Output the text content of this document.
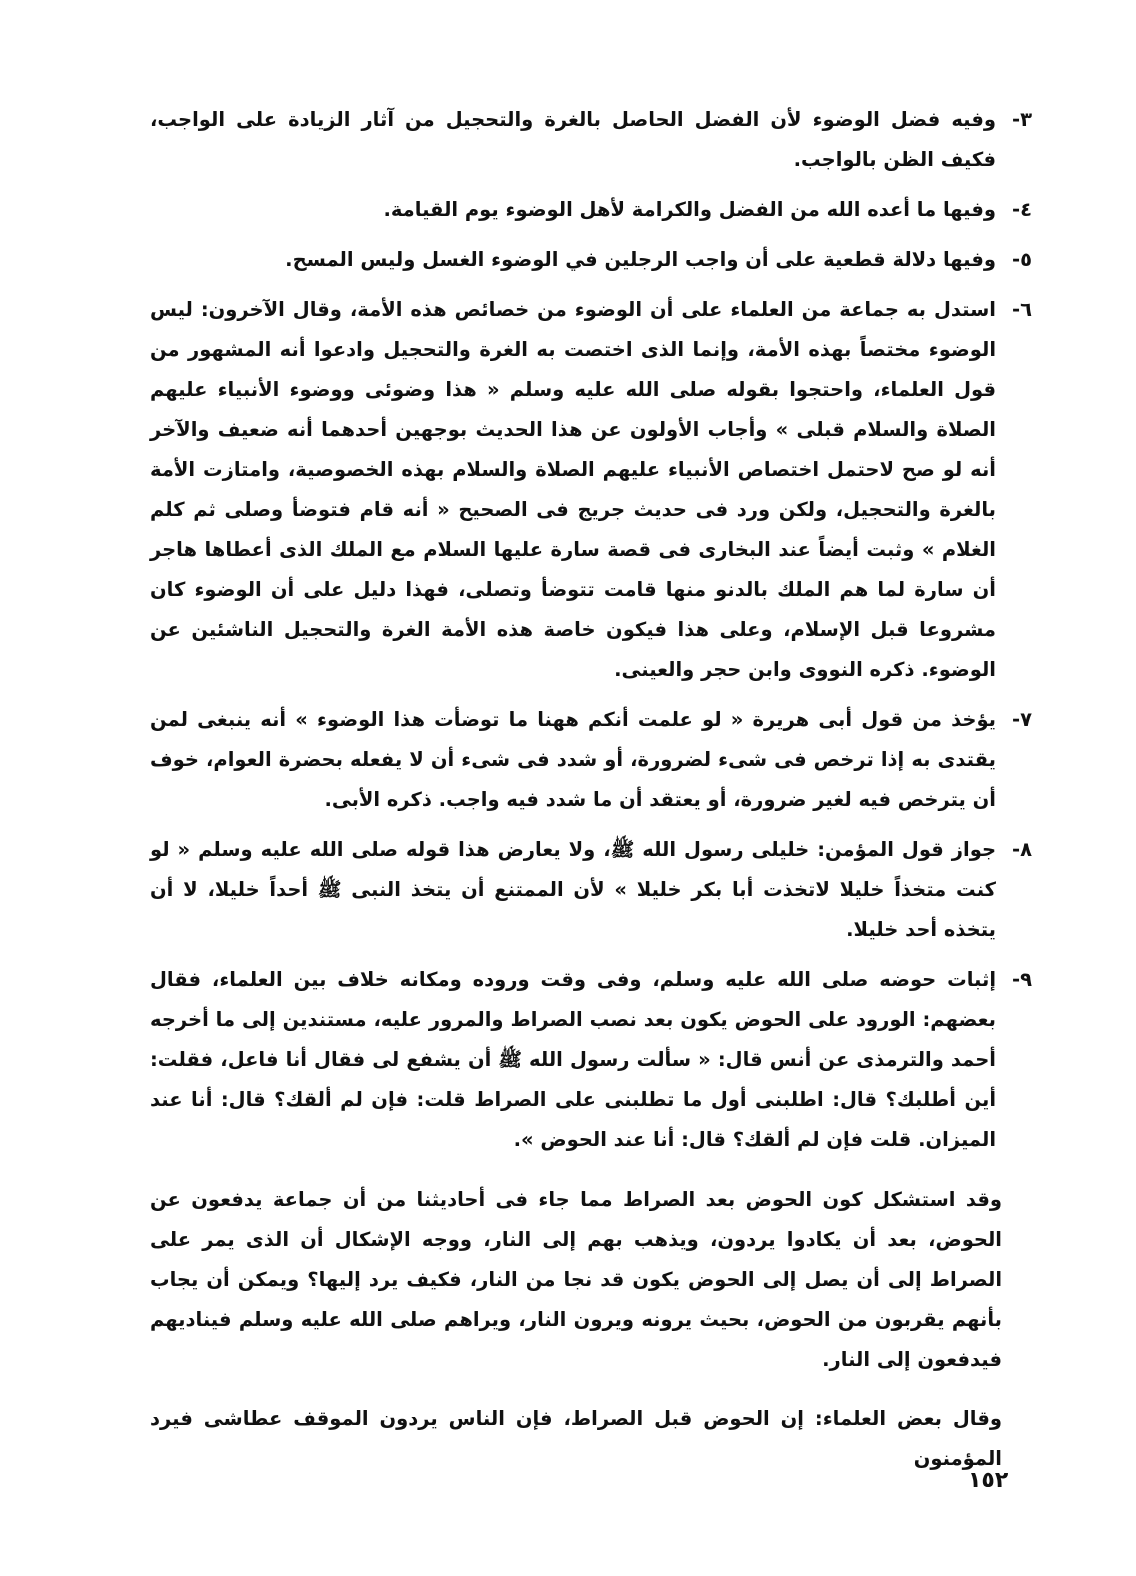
٣-
وفيه فضل الوضوء لأن الفضل الحاصل بالغرة والتحجيل من آثار الزيادة على الواجب، فكيف الظن بالواجب.
٤-
وفيها ما أعده الله من الفضل والكرامة لأهل الوضوء يوم القيامة.
٥-
وفيها دلالة قطعية على أن واجب الرجلين في الوضوء الغسل وليس المسح.
٦-
استدل به جماعة من العلماء على أن الوضوء من خصائص هذه الأمة، وقال الآخرون: ليس الوضوء مختصاً بهذه الأمة، وإنما الذى اختصت به الغرة والتحجيل وادعوا أنه المشهور من قول العلماء، واحتجوا بقوله صلى الله عليه وسلم « هذا وضوئى ووضوء الأنبياء عليهم الصلاة والسلام قبلى » وأجاب الأولون عن هذا الحديث بوجهين أحدهما أنه ضعيف والآخر أنه لو صح لاحتمل اختصاص الأنبياء عليهم الصلاة والسلام بهذه الخصوصية، وامتازت الأمة بالغرة والتحجيل، ولكن ورد فى حديث جريج فى الصحيح « أنه قام فتوضأ وصلى ثم كلم الغلام » وثبت أيضاً عند البخارى فى قصة سارة عليها السلام مع الملك الذى أعطاها هاجر أن سارة لما هم الملك بالدنو منها قامت تتوضأ وتصلى، فهذا دليل على أن الوضوء كان مشروعا قبل الإسلام، وعلى هذا فيكون خاصة هذه الأمة الغرة والتحجيل الناشئين عن الوضوء. ذكره النووى وابن حجر والعينى.
٧-
يؤخذ من قول أبى هريرة « لو علمت أنكم ههنا ما توضأت هذا الوضوء » أنه ينبغى لمن يقتدى به إذا ترخص فى شىء لضرورة، أو شدد فى شىء أن لا يفعله بحضرة العوام، خوف أن يترخص فيه لغير ضرورة، أو يعتقد أن ما شدد فيه واجب. ذكره الأبى.
٨-
جواز قول المؤمن: خليلى رسول الله ﷺ، ولا يعارض هذا قوله صلى الله عليه وسلم « لو كنت متخذاً خليلا لاتخذت أبا بكر خليلا » لأن الممتنع أن يتخذ النبى ﷺ أحداً خليلا، لا أن يتخذه أحد خليلا.
٩-
إثبات حوضه صلى الله عليه وسلم، وفى وقت وروده ومكانه خلاف بين العلماء، فقال بعضهم: الورود على الحوض يكون بعد نصب الصراط والمرور عليه، مستندين إلى ما أخرجه أحمد والترمذى عن أنس قال: « سألت رسول الله ﷺ أن يشفع لى فقال أنا فاعل، فقلت: أين أطلبك؟ قال: اطلبنى أول ما تطلبنى على الصراط قلت: فإن لم ألقك؟ قال: أنا عند الميزان. قلت فإن لم ألقك؟ قال: أنا عند الحوض ».

وقد استشكل كون الحوض بعد الصراط مما جاء فى أحاديثنا من أن جماعة يدفعون عن الحوض، بعد أن يكادوا يردون، ويذهب بهم إلى النار، ووجه الإشكال أن الذى يمر على الصراط إلى أن يصل إلى الحوض يكون قد نجا من النار، فكيف يرد إليها؟ ويمكن أن يجاب بأنهم يقربون من الحوض، بحيث يرونه ويرون النار، ويراهم صلى الله عليه وسلم فيناديهم فيدفعون إلى النار.

وقال بعض العلماء: إن الحوض قبل الصراط، فإن الناس يردون الموقف عطاشى فيرد المؤمنون

١٥٢
